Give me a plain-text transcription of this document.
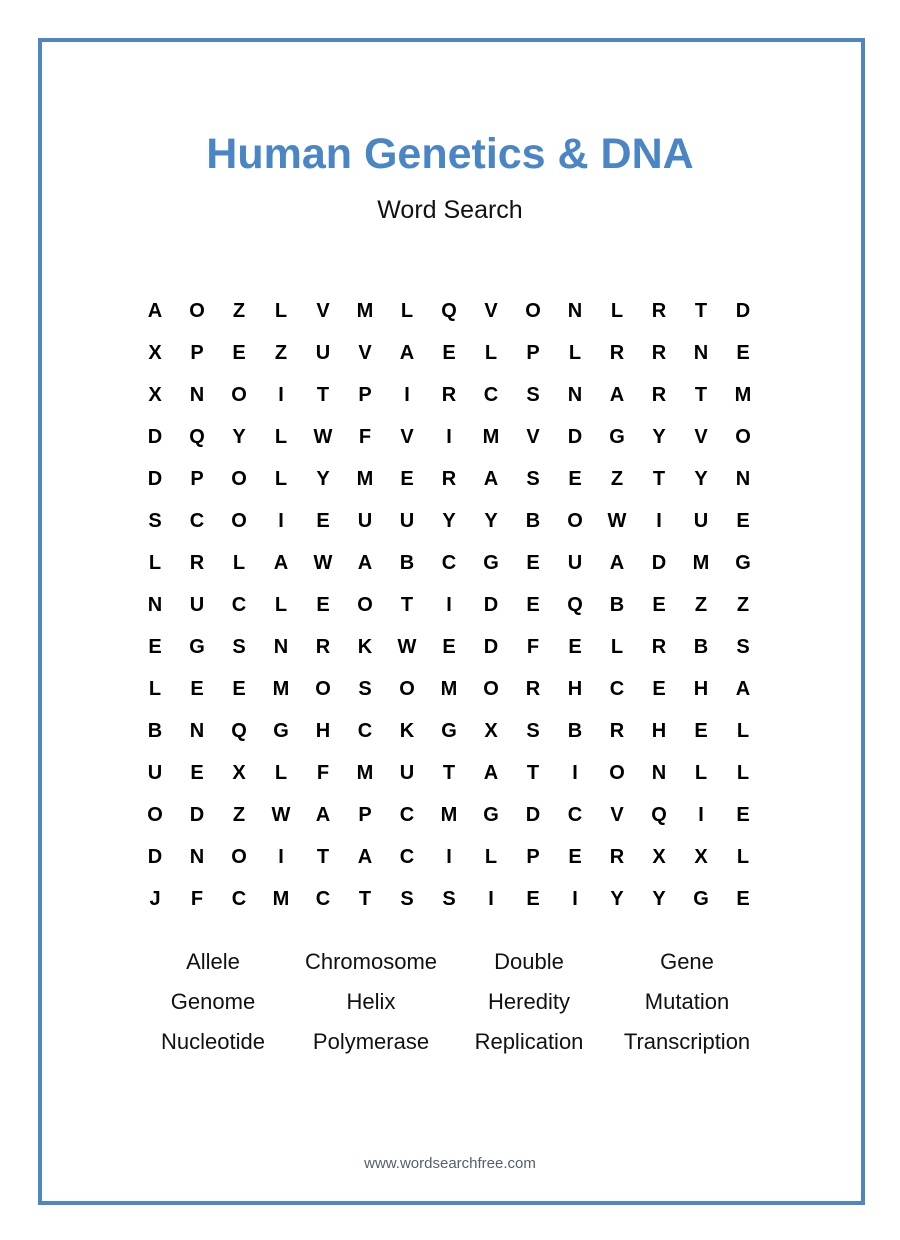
Human Genetics & DNA
Word Search
A	O	Z	L	V	M	L	Q	V	O	N	L	R	T	D
X	P	E	Z	U	V	A	E	L	P	L	R	R	N	E
X	N	O	I	T	P	I	R	C	S	N	A	R	T	M
D	Q	Y	L	W	F	V	I	M	V	D	G	Y	V	O
D	P	O	L	Y	M	E	R	A	S	E	Z	T	Y	N
S	C	O	I	E	U	U	Y	Y	B	O	W	I	U	E
L	R	L	A	W	A	B	C	G	E	U	A	D	M	G
N	U	C	L	E	O	T	I	D	E	Q	B	E	Z	Z
E	G	S	N	R	K	W	E	D	F	E	L	R	B	S
L	E	E	M	O	S	O	M	O	R	H	C	E	H	A
B	N	Q	G	H	C	K	G	X	S	B	R	H	E	L
U	E	X	L	F	M	U	T	A	T	I	O	N	L	L
O	D	Z	W	A	P	C	M	G	D	C	V	Q	I	E
D	N	O	I	T	A	C	I	L	P	E	R	X	X	L
J	F	C	M	C	T	S	S	I	E	I	Y	Y	G	E
Allele	Chromosome	Double	Gene
Genome	Helix	Heredity	Mutation
Nucleotide	Polymerase	Replication	Transcription
www.wordsearchfree.com
